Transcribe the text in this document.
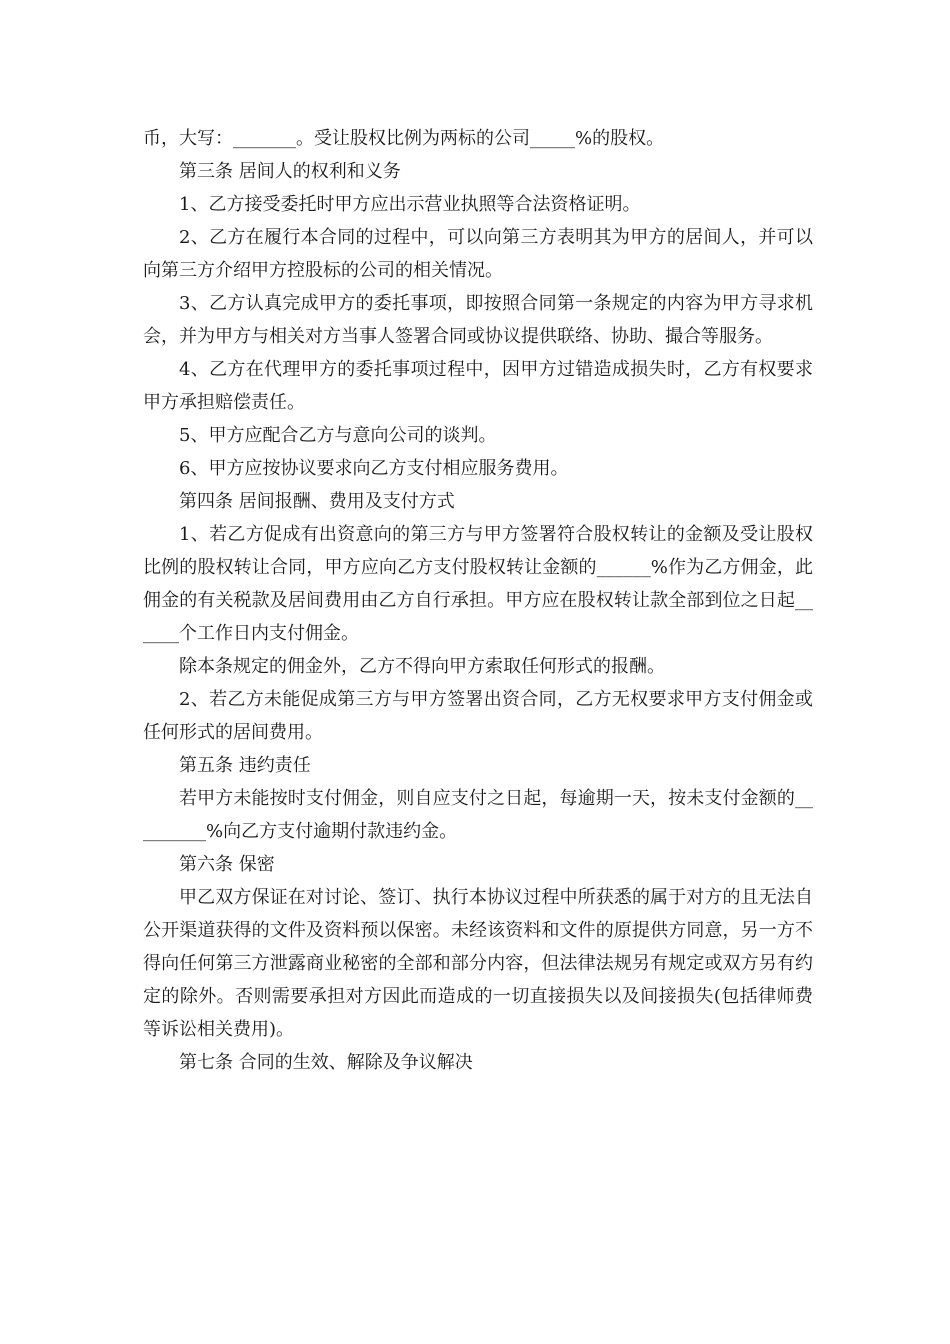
币，大写：_______。受让股权比例为两标的公司_____%的股权。

第三条 居间人的权利和义务

1、乙方接受委托时甲方应出示营业执照等合法资格证明。

2、乙方在履行本合同的过程中，可以向第三方表明其为甲方的居间人，并可以向第三方介绍甲方控股标的公司的相关情况。

3、乙方认真完成甲方的委托事项，即按照合同第一条规定的内容为甲方寻求机会，并为甲方与相关对方当事人签署合同或协议提供联络、协助、撮合等服务。

4、乙方在代理甲方的委托事项过程中，因甲方过错造成损失时，乙方有权要求甲方承担赔偿责任。

5、甲方应配合乙方与意向公司的谈判。

6、甲方应按协议要求向乙方支付相应服务费用。

第四条 居间报酬、费用及支付方式

1、若乙方促成有出资意向的第三方与甲方签署符合股权转让的金额及受让股权比例的股权转让合同，甲方应向乙方支付股权转让金额的______%作为乙方佣金，此佣金的有关税款及居间费用由乙方自行承担。甲方应在股权转让款全部到位之日起______个工作日内支付佣金。

除本条规定的佣金外，乙方不得向甲方索取任何形式的报酬。

2、若乙方未能促成第三方与甲方签署出资合同，乙方无权要求甲方支付佣金或任何形式的居间费用。

第五条 违约责任

若甲方未能按时支付佣金，则自应支付之日起，每逾期一天，按未支付金额的_________%向乙方支付逾期付款违约金。

第六条 保密

甲乙双方保证在对讨论、签订、执行本协议过程中所获悉的属于对方的且无法自公开渠道获得的文件及资料预以保密。未经该资料和文件的原提供方同意，另一方不得向任何第三方泄露商业秘密的全部和部分内容，但法律法规另有规定或双方另有约定的除外。否则需要承担对方因此而造成的一切直接损失以及间接损失(包括律师费等诉讼相关费用)。

第七条 合同的生效、解除及争议解决
